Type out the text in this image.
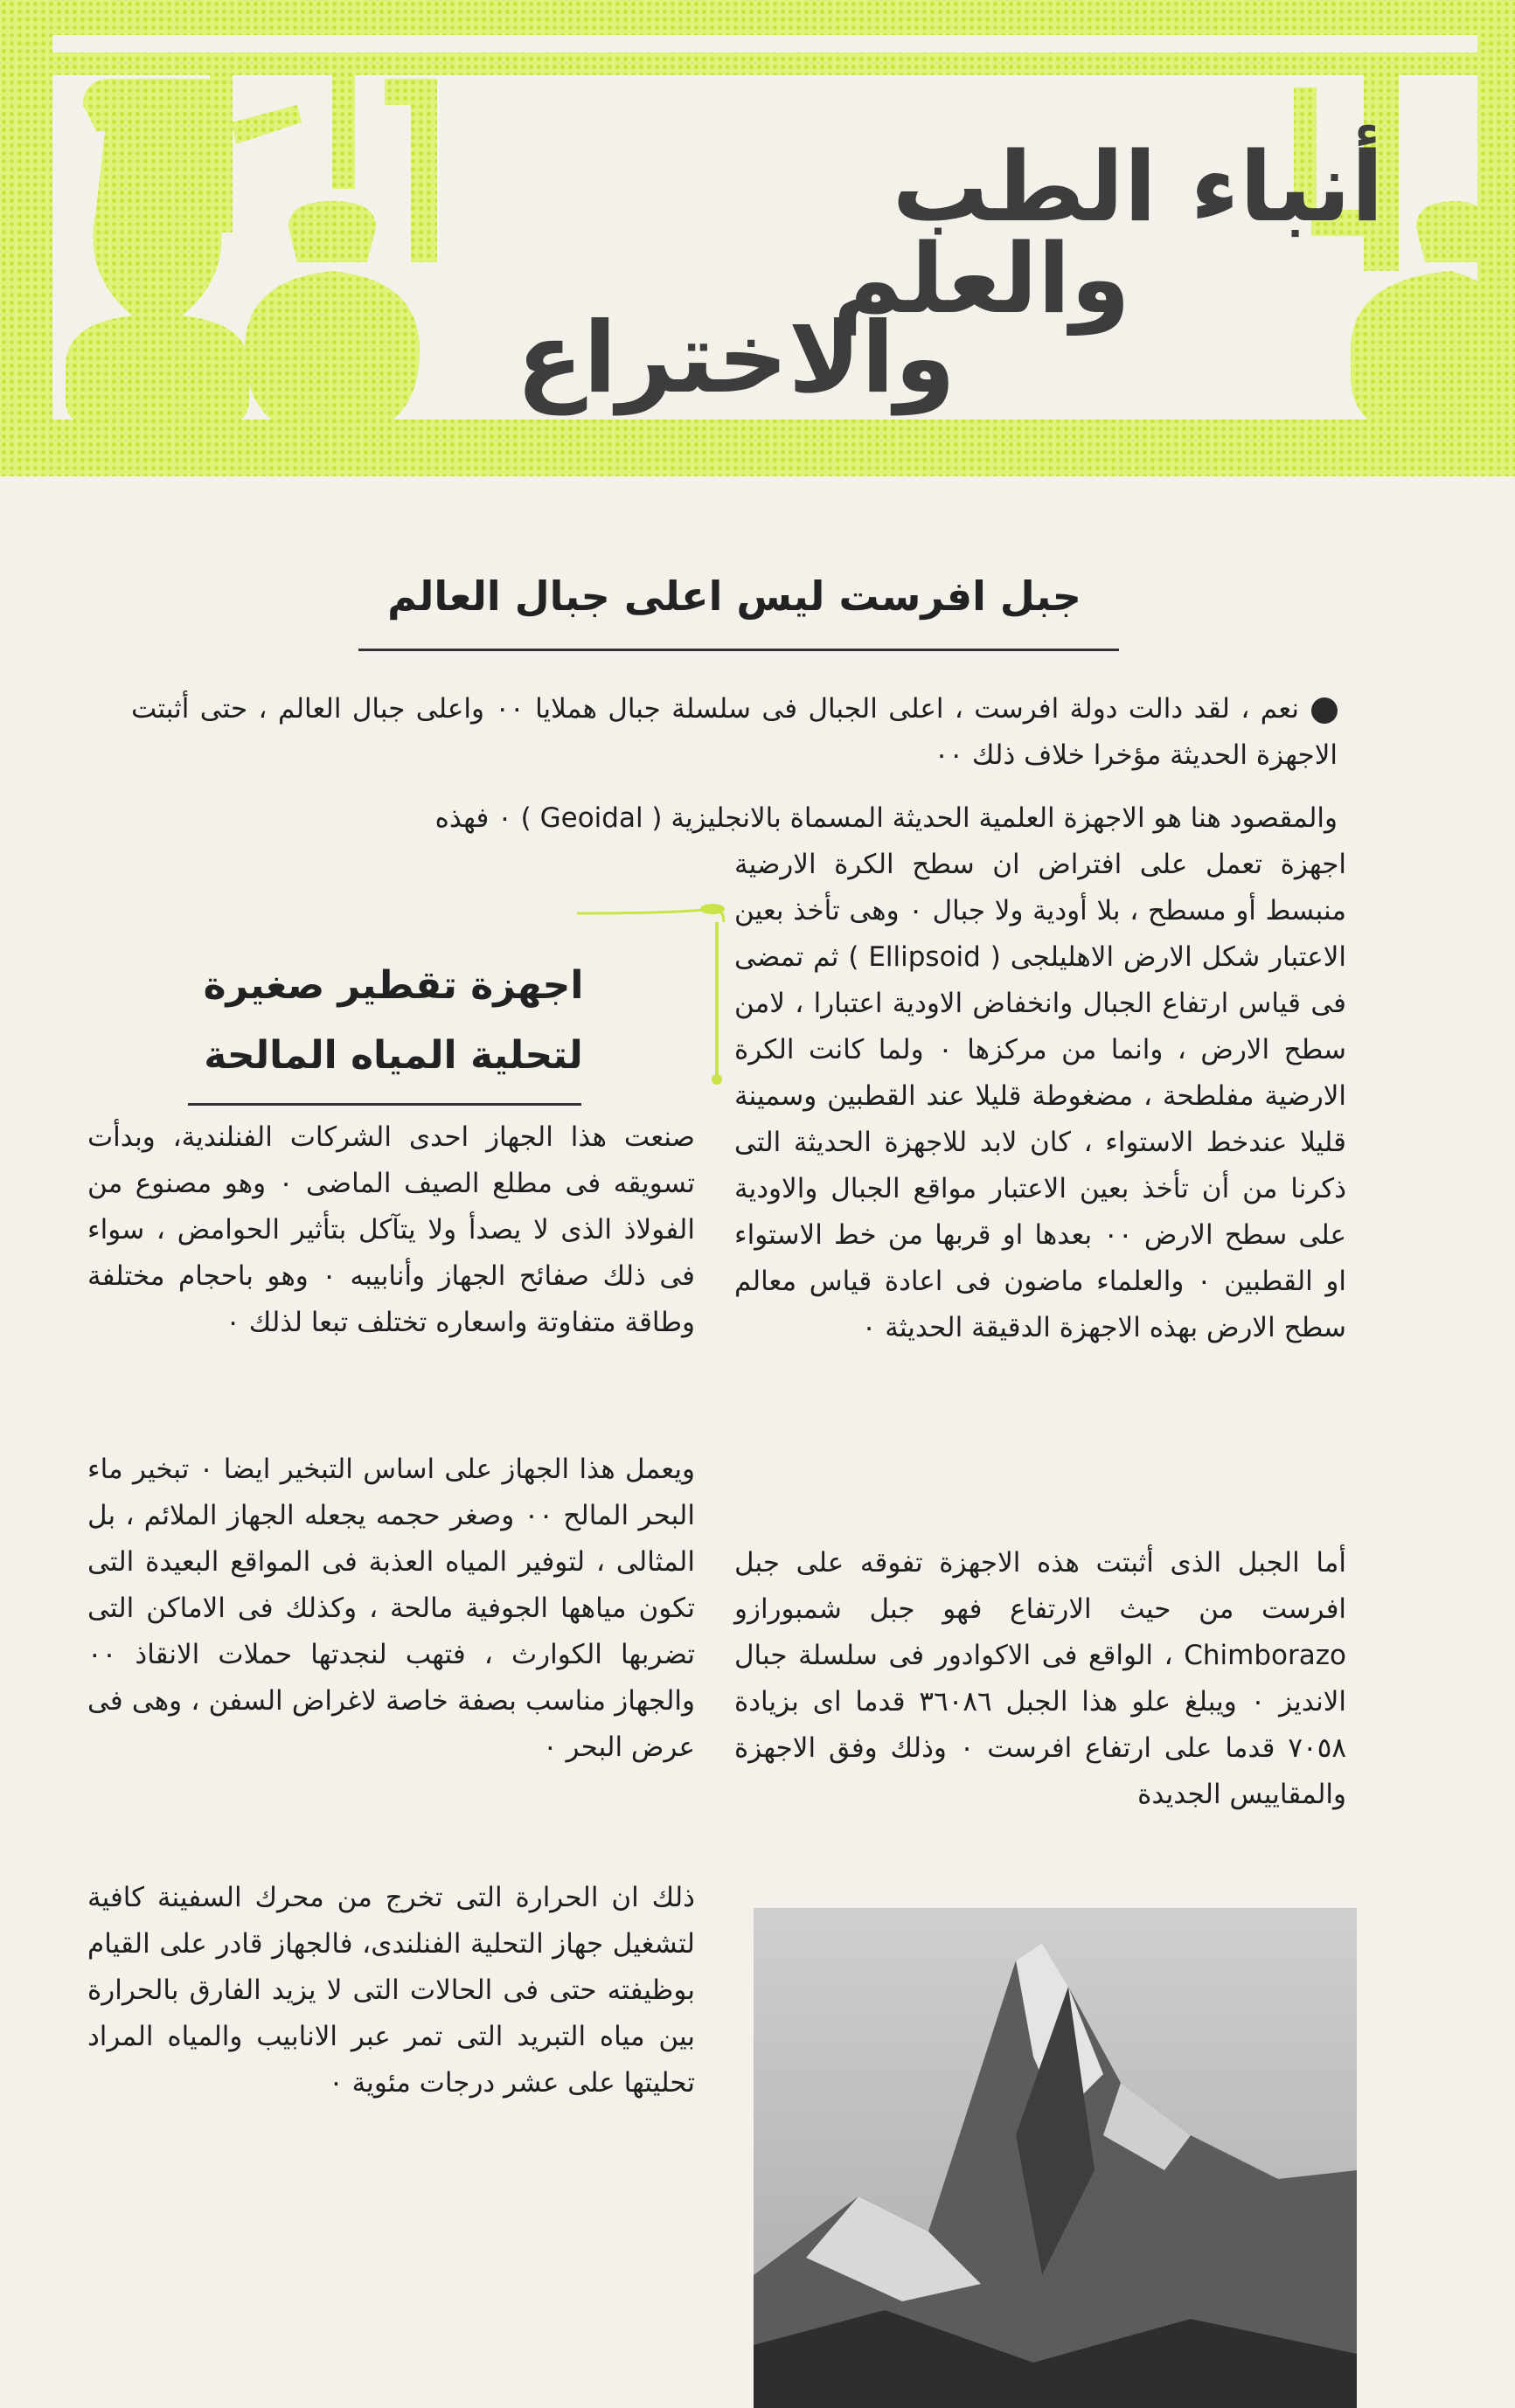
أنباء الطب
والعلم
والاختراع
جبل افرست ليس اعلى جبال العالم

نعم ، لقد دالت دولة افرست ، اعلى الجبال فى سلسلة جبال هملايا ٠٠ واعلى جبال العالم ، حتى أثبتت الاجهزة الحديثة مؤخرا خلاف ذلك ٠٠

والمقصود هنا هو الاجهزة العلمية الحديثة المسماة بالانجليزية ( Geoidal ) ٠ فهذه

اجهزة تعمل على افتراض ان سطح الكرة الارضية منبسط أو مسطح ، بلا أودية ولا جبال ٠ وهى تأخذ بعين الاعتبار شكل الارض الاهليلجى ( Ellipsoid ) ثم تمضى فى قياس ارتفاع الجبال وانخفاض الاودية اعتبارا ، لامن سطح الارض ، وانما من مركزها ٠ ولما كانت الكرة الارضية مفلطحة ، مضغوطة قليلا عند القطبين وسمينة قليلا عندخط الاستواء ، كان لابد للاجهزة الحديثة التى ذكرنا من أن تأخذ بعين الاعتبار مواقع الجبال والاودية على سطح الارض ٠٠ بعدها او قربها من خط الاستواء او القطبين ٠ والعلماء ماضون فى اعادة قياس معالم سطح الارض بهذه الاجهزة الدقيقة الحديثة ٠

أما الجبل الذى أثبتت هذه الاجهزة تفوقه على جبل افرست من حيث الارتفاع فهو جبل شمبورازو Chimborazo ، الواقع فى الاكوادور فى سلسلة جبال الانديز ٠ ويبلغ علو هذا الجبل ٣٦٠٨٦ قدما اى بزيادة ٧٠٥٨ قدما على ارتفاع افرست ٠ وذلك وفق الاجهزة والمقاييس الجديدة

اجهزة تقطير صغيرة
لتحلية المياه المالحة

صنعت هذا الجهاز احدى الشركات الفنلندية، وبدأت تسويقه فى مطلع الصيف الماضى ٠ وهو مصنوع من الفولاذ الذى لا يصدأ ولا يتآكل بتأثير الحوامض ، سواء فى ذلك صفائح الجهاز وأنابيبه ٠ وهو باحجام مختلفة وطاقة متفاوتة واسعاره تختلف تبعا لذلك ٠

ويعمل هذا الجهاز على اساس التبخير ايضا ٠ تبخير ماء البحر المالح ٠٠ وصغر حجمه يجعله الجهاز الملائم ، بل المثالى ، لتوفير المياه العذبة فى المواقع البعيدة التى تكون مياهها الجوفية مالحة ، وكذلك فى الاماكن التى تضربها الكوارث ، فتهب لنجدتها حملات الانقاذ ٠٠ والجهاز مناسب بصفة خاصة لاغراض السفن ، وهى فى عرض البحر ٠

ذلك ان الحرارة التى تخرج من محرك السفينة كافية لتشغيل جهاز التحلية الفنلندى، فالجهاز قادر على القيام بوظيفته حتى فى الحالات التى لا يزيد الفارق بالحرارة بين مياه التبريد التى تمر عبر الانابيب والمياه المراد تحليتها على عشر درجات مئوية ٠
